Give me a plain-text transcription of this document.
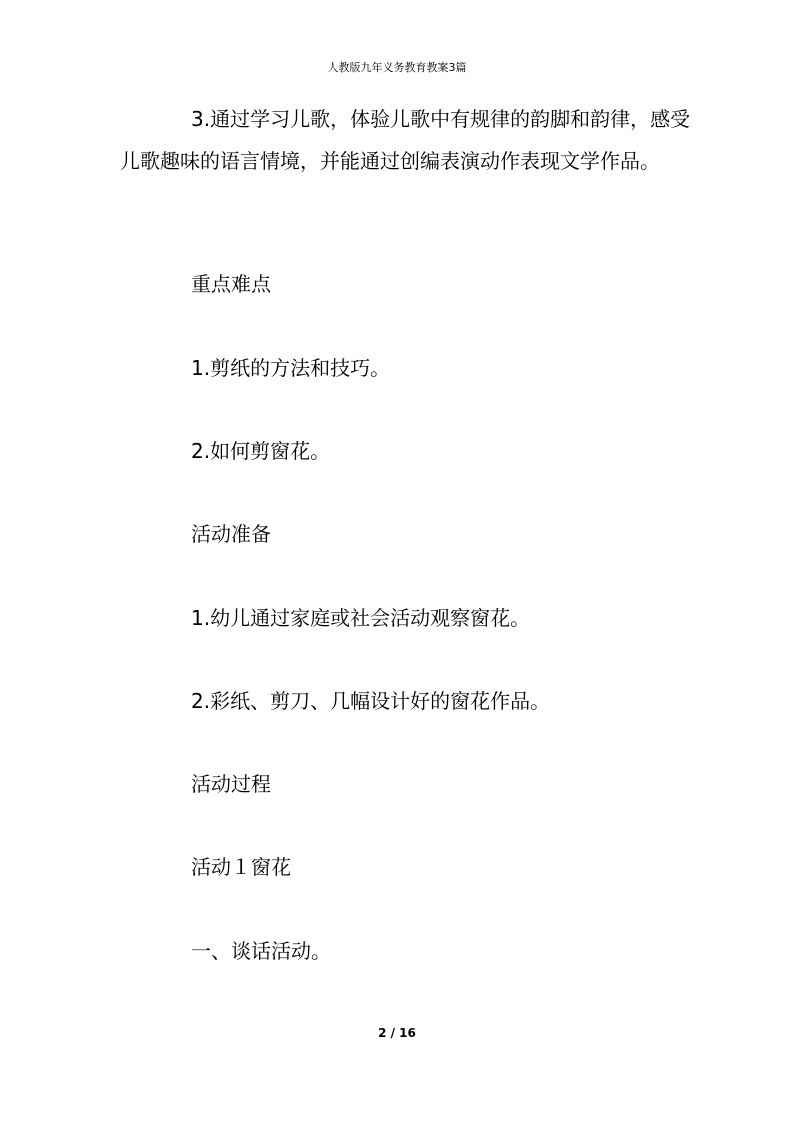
人教版九年义务教育教案3篇

3.通过学习儿歌，体验儿歌中有规律的韵脚和韵律，感受儿歌趣味的语言情境，并能通过创编表演动作表现文学作品。

重点难点

1.剪纸的方法和技巧。

2.如何剪窗花。

活动准备

1.幼儿通过家庭或社会活动观察窗花。

2.彩纸、剪刀、几幅设计好的窗花作品。

活动过程

活动１窗花

一、谈话活动。

2 / 16
